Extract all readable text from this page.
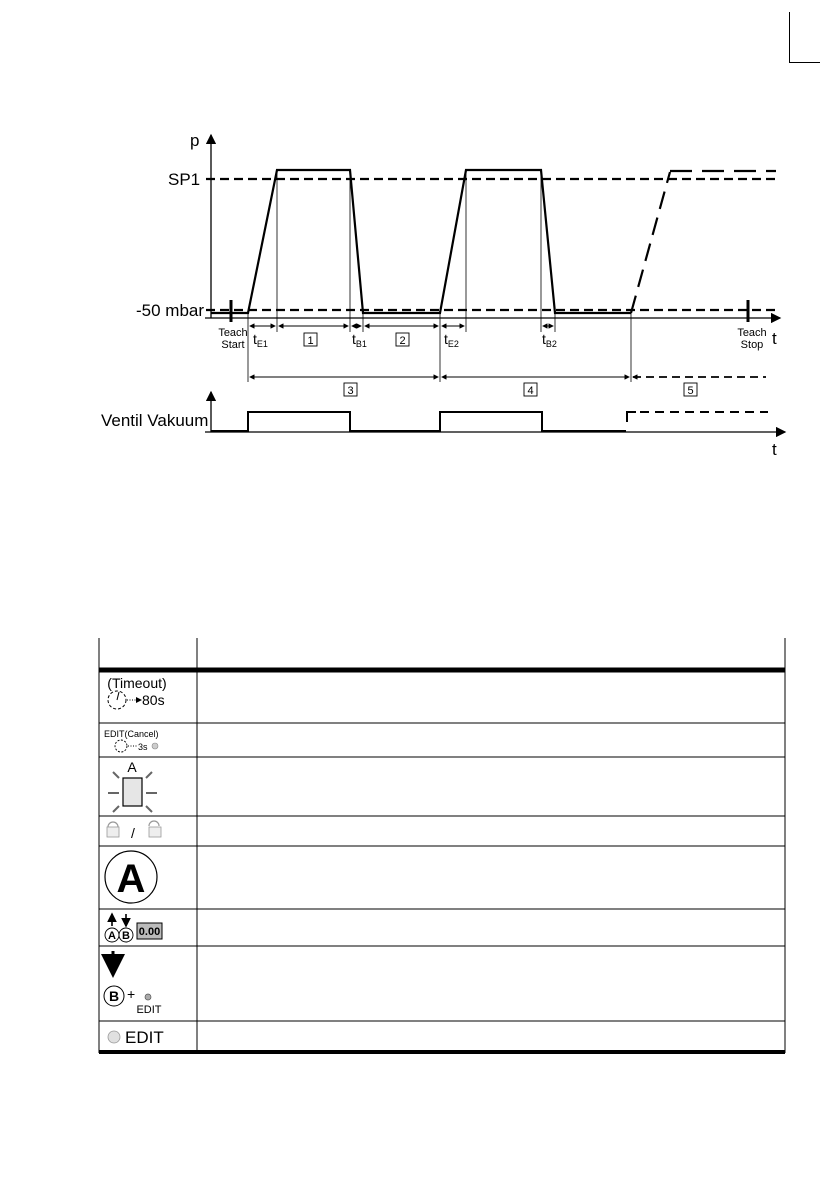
p
t
SP1
-50 mbar
Teach
Start
Teach
Stop
$t_{E1}$	$t_{B1}$	$t_{E2}$	$t_{B2}$
1	2
3	4	5
Ventil Vakuum
t
(Timeout)
80s
EDIT(Cancel)
3s
A
/
A
A B 0.00
B +
EDIT
EDIT
